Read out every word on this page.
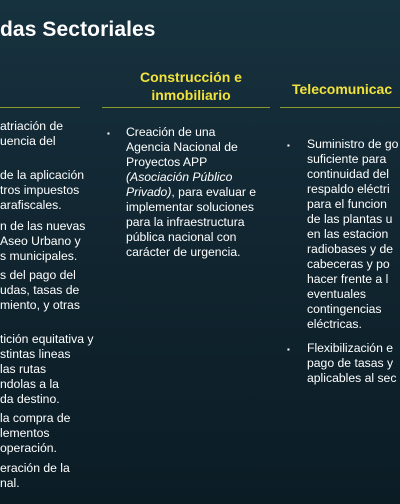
das Sectoriales
Construcción e
inmobiliario	Telecomunicac
atriación de
uencia del
de la aplicación
tros impuestos
arafiscales.
n de las nuevas
Aseo Urbano y
s municipales.
s del pago del
udas, tasas de
miento, y otras
tición equitativa y
stintas lineas
las rutas
ndolas a la
da destino.
la compra de
lementos
operación.
eración de la
nal.
▪ Creación de una
Agencia Nacional de
Proyectos APP
(Asociación Público
Privado), para evaluar e
implementar soluciones
para la infraestructura
pública nacional con
carácter de urgencia.
▪ Suministro de go
suficiente para
continuidad del
respaldo eléctri
para el funcion
de las plantas u
en las estacion
radiobases y de
cabeceras y po
hacer frente a l
eventuales
contingencias
eléctricas.
▪ Flexibilización e
pago de tasas y
aplicables al sec
